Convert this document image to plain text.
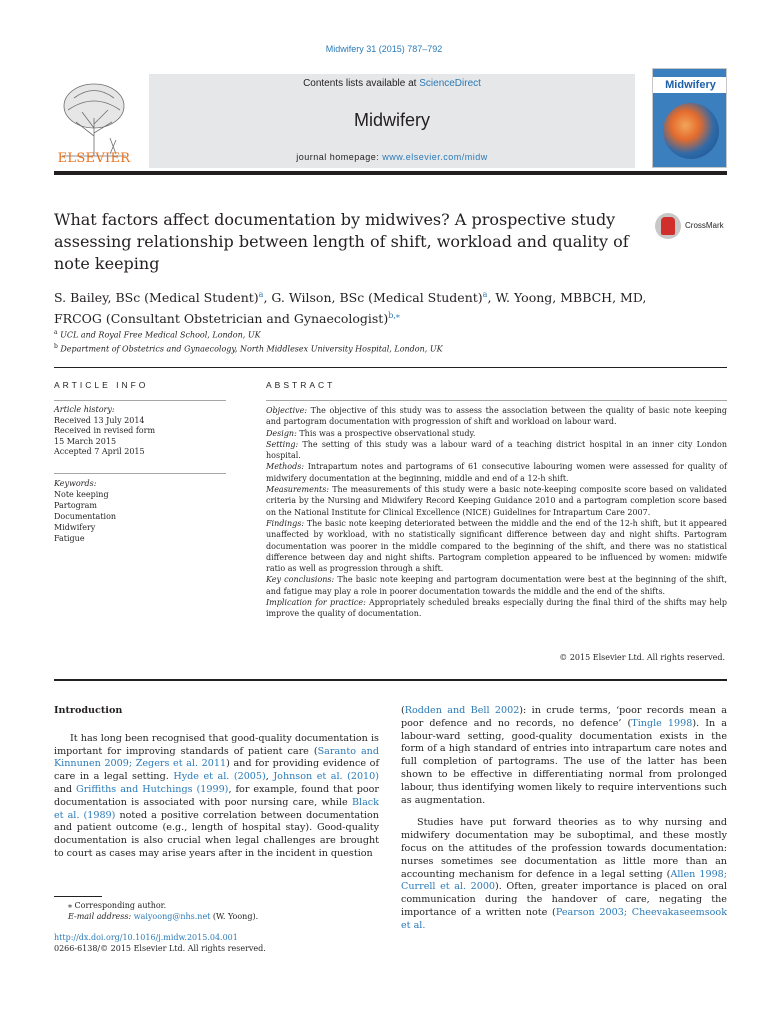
Midwifery 31 (2015) 787–792
ELSEVIER
Contents lists available at ScienceDirect
Midwifery
journal homepage: www.elsevier.com/midw
Midwifery
What factors affect documentation by midwives? A prospective study assessing relationship between length of shift, workload and quality of note keeping
CrossMark
S. Bailey, BSc (Medical Student)$^a$, G. Wilson, BSc (Medical Student)$^a$, W. Yoong, MBBCH, MD, FRCOG (Consultant Obstetrician and Gynaecologist)$^{b,⁎}$
$^a$ UCL and Royal Free Medical School, London, UK
$^b$ Department of Obstetrics and Gynaecology, North Middlesex University Hospital, London, UK
ARTICLE INFO	ABSTRACT
Article history:
Received 13 July 2014
Received in revised form
15 March 2015
Accepted 7 April 2015
Keywords:
Note keeping
Partogram
Documentation
Midwifery
Fatigue

Objective: The objective of this study was to assess the association between the quality of basic note keeping and partogram documentation with progression of shift and workload on labour ward.

Design: This was a prospective observational study.

Setting: The setting of this study was a labour ward of a teaching district hospital in an inner city London hospital.

Methods: Intrapartum notes and partograms of 61 consecutive labouring women were assessed for quality of midwifery documentation at the beginning, middle and end of a 12-h shift.

Measurements: The measurements of this study were a basic note-keeping composite score based on validated criteria by the Nursing and Midwifery Record Keeping Guidance 2010 and a partogram completion score based on the National Institute for Clinical Excellence (NICE) Guidelines for Intrapartum Care 2007.

Findings: The basic note keeping deteriorated between the middle and the end of the 12-h shift, but it appeared unaffected by workload, with no statistically significant difference between day and night shifts. Partogram documentation was poorer in the middle compared to the beginning of the shift, and there was no statistical difference between day and night shifts. Partogram completion appeared to be influenced by women: midwife ratio as well as progression through a shift.

Key conclusions: The basic note keeping and partogram documentation were best at the beginning of the shift, and fatigue may play a role in poorer documentation towards the middle and the end of the shifts.

Implication for practice: Appropriately scheduled breaks especially during the final third of the shifts may help improve the quality of documentation.

© 2015 Elsevier Ltd. All rights reserved.
Introduction

It has long been recognised that good-quality documentation is important for improving standards of patient care (Saranto and Kinnunen 2009; Zegers et al. 2011) and for providing evidence of care in a legal setting. Hyde et al. (2005), Johnson et al. (2010) and Griffiths and Hutchings (1999), for example, found that poor documentation is associated with poor nursing care, while Black et al. (1989) noted a positive correlation between documentation and patient outcome (e.g., length of hospital stay). Good-quality documentation is also crucial when legal challenges are brought to court as cases may arise years after in the incident in question

(Rodden and Bell 2002): in crude terms, ‘poor records mean a poor defence and no records, no defence’ (Tingle 1998). In a labour-ward setting, good-quality documentation exists in the form of a high standard of entries into intrapartum care notes and full completion of partograms. The use of the latter has been shown to be effective in differentiating normal from prolonged labour, thus identifying women likely to require interventions such as augmentation.

Studies have put forward theories as to why nursing and midwifery documentation may be suboptimal, and these mostly focus on the attitudes of the profession towards documentation: nurses sometimes see documentation as little more than an accounting mechanism for defence in a legal setting (Allen 1998; Currell et al. 2000). Often, greater importance is placed on oral communication during the handover of care, negating the importance of a written note (Pearson 2003; Cheevakaseemsook et al.

⁎ Corresponding author.
E-mail address: waiyoong@nhs.net (W. Yoong).
http://dx.doi.org/10.1016/j.midw.2015.04.001
0266-6138/© 2015 Elsevier Ltd. All rights reserved.
